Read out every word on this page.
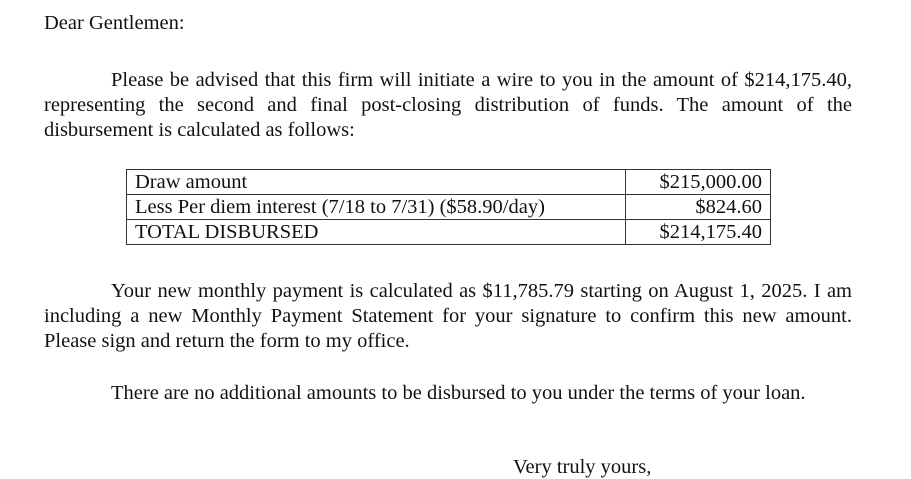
Dear Gentlemen:

Please be advised that this firm will initiate a wire to you in the amount of $214,175.40, representing the second and final post-closing distribution of funds. The amount of the disbursement is calculated as follows:

Draw amount	$215,000.00
Less Per diem interest (7/18 to 7/31) ($58.90/day)	$824.60
TOTAL DISBURSED	$214,175.40

Your new monthly payment is calculated as $11,785.79 starting on August 1, 2025. I am including a new Monthly Payment Statement for your signature to confirm this new amount. Please sign and return the form to my office.

There are no additional amounts to be disbursed to you under the terms of your loan.

Very truly yours,
